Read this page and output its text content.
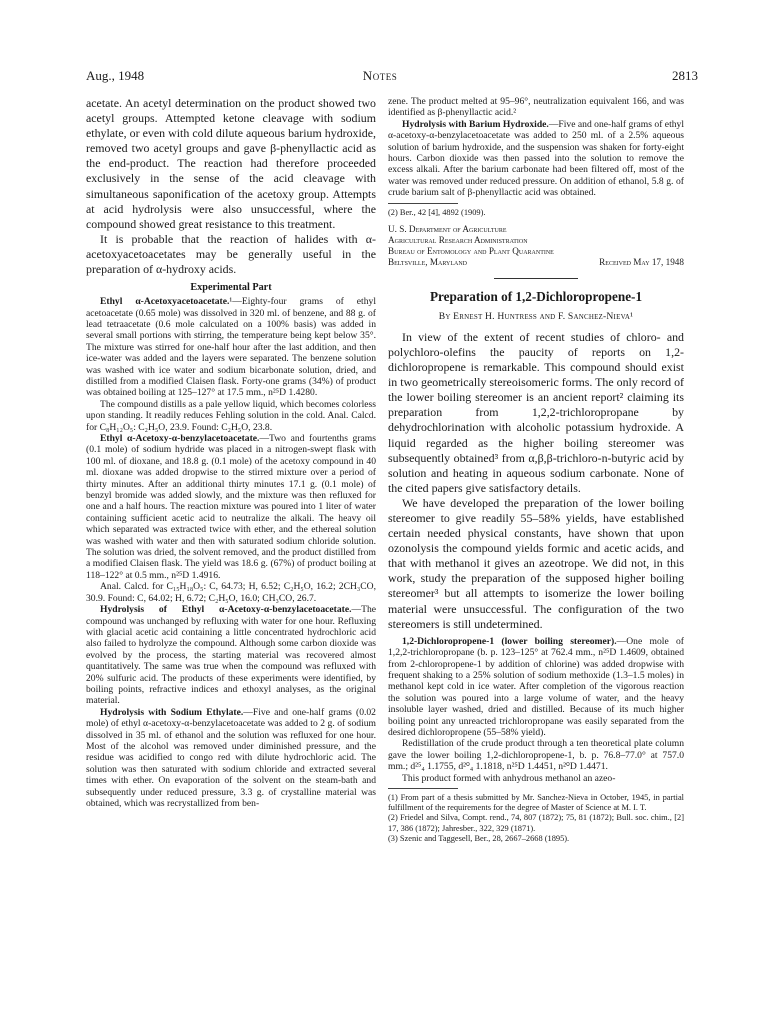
Aug., 1948	Notes	2813

acetate. An acetyl determination on the product showed two acetyl groups. Attempted ketone cleavage with sodium ethylate, or even with cold dilute aqueous barium hydroxide, removed two acetyl groups and gave β-phenyllactic acid as the end-product. The reaction had therefore proceeded exclusively in the sense of the acid cleavage with simultaneous saponification of the acetoxy group. Attempts at acid hydrolysis were also unsuccessful, where the compound showed great resistance to this treatment.

It is probable that the reaction of halides with α-acetoxyacetoacetates may be generally useful in the preparation of α-hydroxy acids.

Experimental Part

Ethyl α-Acetoxyacetoacetate.¹—Eighty-four grams of ethyl acetoacetate (0.65 mole) was dissolved in 320 ml. of benzene, and 88 g. of lead tetraacetate (0.6 mole calculated on a 100% basis) was added in several small portions with stirring, the temperature being kept below 35°. The mixture was stirred for one-half hour after the last addition, and then ice-water was added and the layers were separated. The benzene solution was washed with ice water and sodium bicarbonate solution, dried, and distilled from a modified Claisen flask. Forty-one grams (34%) of product was obtained boiling at 125–127° at 17.5 mm., n²⁵D 1.4280.

The compound distills as a pale yellow liquid, which becomes colorless upon standing. It readily reduces Fehling solution in the cold. Anal. Calcd. for C₈H₁₂O₅: C₂H₅O, 23.9. Found: C₂H₅O, 23.8.

Ethyl α-Acetoxy-α-benzylacetoacetate.—Two and fourtenths grams (0.1 mole) of sodium hydride was placed in a nitrogen-swept flask with 100 ml. of dioxane, and 18.8 g. (0.1 mole) of the acetoxy compound in 40 ml. dioxane was added dropwise to the stirred mixture over a period of thirty minutes. After an additional thirty minutes 17.1 g. (0.1 mole) of benzyl bromide was added slowly, and the mixture was then refluxed for one and a half hours. The reaction mixture was poured into 1 liter of water containing sufficient acetic acid to neutralize the alkali. The heavy oil which separated was extracted twice with ether, and the ethereal solution was washed with water and then with saturated sodium chloride solution. The solution was dried, the solvent removed, and the product distilled from a modified Claisen flask. The yield was 18.6 g. (67%) of product boiling at 118–122° at 0.5 mm., n²⁵D 1.4916.

Anal. Calcd. for C₁₅H₁₈O₅: C, 64.73; H, 6.52; C₂H₅O, 16.2; 2CH₃CO, 30.9. Found: C, 64.02; H, 6.72; C₂H₅O, 16.0; CH₃CO, 26.7.

Hydrolysis of Ethyl α-Acetoxy-α-benzylacetoacetate.—The compound was unchanged by refluxing with water for one hour. Refluxing with glacial acetic acid containing a little concentrated hydrochloric acid also failed to hydrolyze the compound. Although some carbon dioxide was evolved by the process, the starting material was recovered almost quantitatively. The same was true when the compound was refluxed with 20% sulfuric acid. The products of these experiments were identified, by boiling points, refractive indices and ethoxyl analyses, as the original material.

Hydrolysis with Sodium Ethylate.—Five and one-half grams (0.02 mole) of ethyl α-acetoxy-α-benzylacetoacetate was added to 2 g. of sodium dissolved in 35 ml. of ethanol and the solution was refluxed for one hour. Most of the alcohol was removed under diminished pressure, and the residue was acidified to congo red with dilute hydrochloric acid. The solution was then saturated with sodium chloride and extracted several times with ether. On evaporation of the solvent on the steam-bath and subsequently under reduced pressure, 3.3 g. of crystalline material was obtained, which was recrystallized from ben-

zene. The product melted at 95–96°, neutralization equivalent 166, and was identified as β-phenyllactic acid.²

Hydrolysis with Barium Hydroxide.—Five and one-half grams of ethyl α-acetoxy-α-benzylacetoacetate was added to 250 ml. of a 2.5% aqueous solution of barium hydroxide, and the suspension was shaken for forty-eight hours. Carbon dioxide was then passed into the solution to remove the excess alkali. After the barium carbonate had been filtered off, most of the water was removed under reduced pressure. On addition of ethanol, 5.8 g. of crude barium salt of β-phenyllactic acid was obtained.

(2) Ber., 42 [4], 4892 (1909).

U. S. Department of Agriculture

Agricultural Research Administration

Bureau of Entomology and Plant Quarantine

Beltsville, Maryland	Received May 17, 1948
Preparation of 1,2-Dichloropropene-1
By Ernest H. Huntress and F. Sanchez-Nieva¹

In view of the extent of recent studies of chloro- and polychloro-olefins the paucity of reports on 1,2-dichloropropene is remarkable. This compound should exist in two geometrically stereoisomeric forms. The only record of the lower boiling stereomer is an ancient report² claiming its preparation from 1,2,2-trichloropropane by dehydrochlorination with alcoholic potassium hydroxide. A liquid regarded as the higher boiling stereomer was subsequently obtained³ from α,β,β-trichloro-n-butyric acid by solution and heating in aqueous sodium carbonate. None of the cited papers give satisfactory details.

We have developed the preparation of the lower boiling stereomer to give readily 55–58% yields, have established certain needed physical constants, have shown that upon ozonolysis the compound yields formic and acetic acids, and that with methanol it gives an azeotrope. We did not, in this work, study the preparation of the supposed higher boiling stereomer³ but all attempts to isomerize the lower boiling material were unsuccessful. The configuration of the two stereomers is still undetermined.

1,2-Dichloropropene-1 (lower boiling stereomer).—One mole of 1,2,2-trichloropropane (b. p. 123–125° at 762.4 mm., n²⁵D 1.4609, obtained from 2-chloropropene-1 by addition of chlorine) was added dropwise with frequent shaking to a 25% solution of sodium methoxide (1.3–1.5 moles) in methanol kept cold in ice water. After completion of the vigorous reaction the solution was poured into a large volume of water, and the heavy insoluble layer washed, dried and distilled. Because of its much higher boiling point any unreacted trichloropropane was easily separated from the desired dichloropropene (55–58% yield).

Redistillation of the crude product through a ten theoretical plate column gave the lower boiling 1,2-dichloropropene-1, b. p. 76.8–77.0° at 757.0 mm.; d²⁵₄ 1.1755, d²⁰₄ 1.1818, n²⁵D 1.4451, n²⁰D 1.4471.

This product formed with anhydrous methanol an azeo-

(1) From part of a thesis submitted by Mr. Sanchez-Nieva in October, 1945, in partial fulfillment of the requirements for the degree of Master of Science at M. I. T.

(2) Friedel and Silva, Compt. rend., 74, 807 (1872); 75, 81 (1872); Bull. soc. chim., [2] 17, 386 (1872); Jahresber., 322, 329 (1871).

(3) Szenic and Taggesell, Ber., 28, 2667–2668 (1895).
